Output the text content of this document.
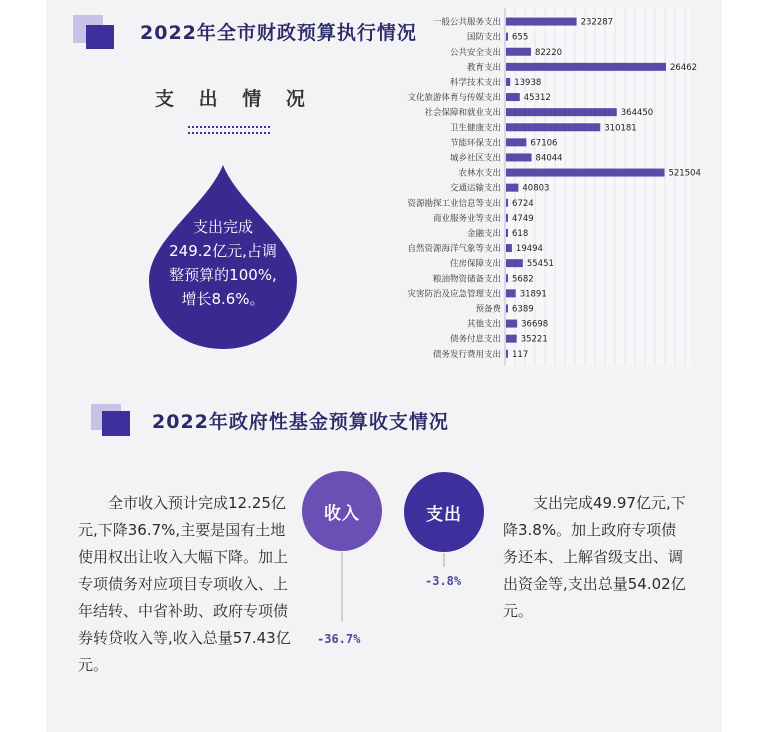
2022年全市财政预算执行情况
支 出 情 况
支出完成
249.2亿元,占调
整预算的100%,
增长8.6%。
一般公共服务支出	232287
国防支出 655
公共安全支出	82220
教育支出	26462
科学技术支出 13938
文化旅游体育与传媒支出	45312
社会保障和就业支出	364450
卫生健康支出	310181
节能环保支出	67106
城乡社区支出	84044
农林水支出	521504
交通运输支出	40803
资源勘探工业信息等支出 6724
商业服务业等支出 4749
金融支出 618
自然资源海洋气象等支出 19494
住房保障支出	55451
粮油物资储备支出 5682
灾害防治及应急管理支出 31891
预备费 6389
其他支出 36698
债务付息支出 35221
债务发行费用支出 117
2022年政府性基金预算收支情况
收入	支出
-36.7%
-3.8%
全市收入预计完成12.25亿元,下降36.7%,主要是国有土地使用权出让收入大幅下降。加上专项债务对应项目专项收入、上年结转、中省补助、政府专项债券转贷收入等,收入总量57.43亿元。
支出完成49.97亿元,下降3.8%。加上政府专项债务还本、上解省级支出、调出资金等,支出总量54.02亿元。
